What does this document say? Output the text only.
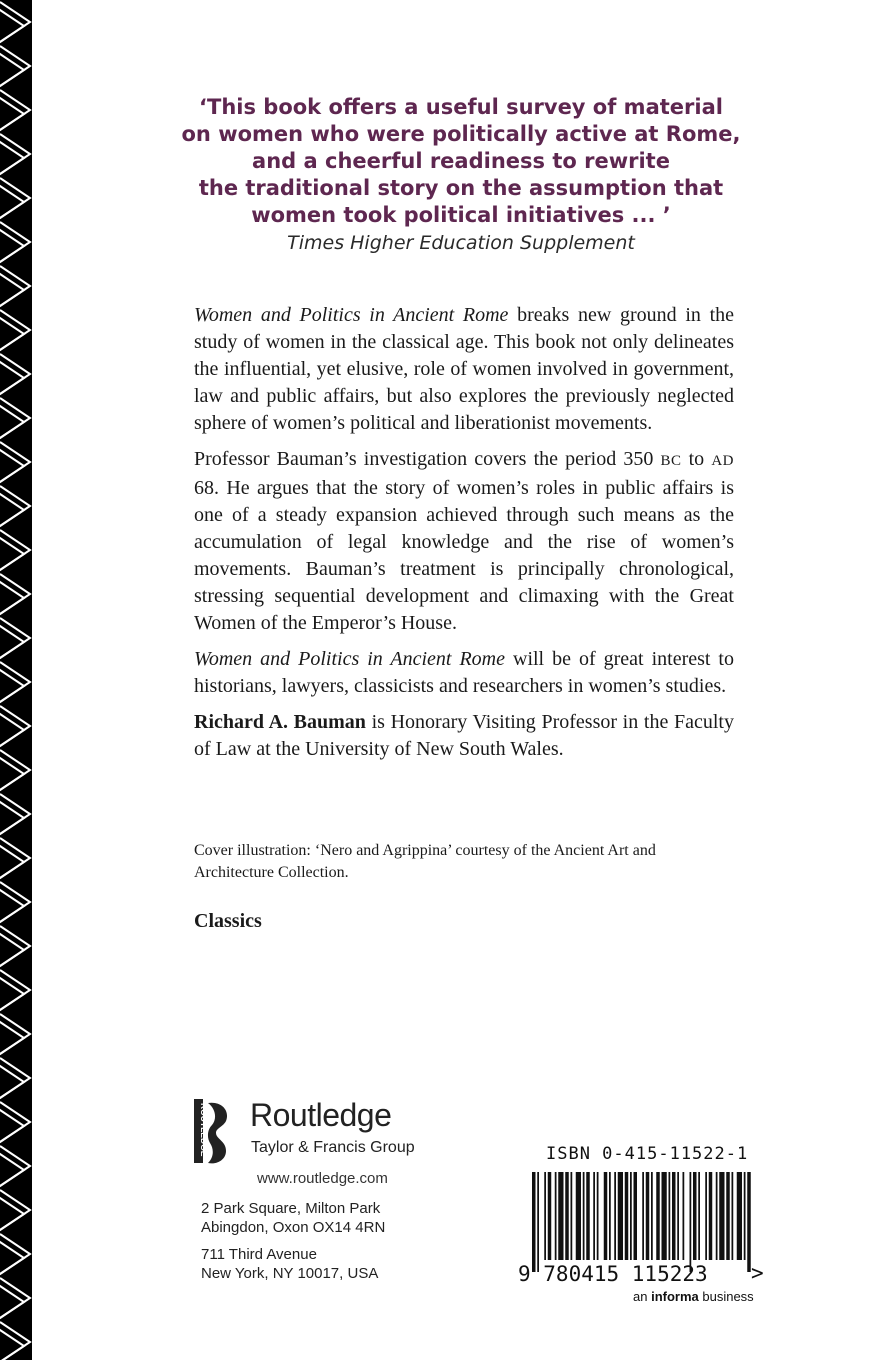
‘This book offers a useful survey of material
on women who were politically active at Rome,
and a cheerful readiness to rewrite
the traditional story on the assumption that
women took political initiatives ... ’
Times Higher Education Supplement

Women and Politics in Ancient Rome breaks new ground in the study of women in the classical age. This book not only delineates the influential, yet elusive, role of women involved in government, law and public affairs, but also explores the previously neglected sphere of women’s political and liberationist movements.

Professor Bauman’s investigation covers the period 350 BC to AD 68. He argues that the story of women’s roles in public affairs is one of a steady expansion achieved through such means as the accumulation of legal knowledge and the rise of women’s movements. Bauman’s treatment is principally chronological, stressing sequential development and climaxing with the Great Women of the Emperor’s House.

Women and Politics in Ancient Rome will be of great interest to historians, lawyers, classicists and researchers in women’s studies.

Richard A. Bauman is Honorary Visiting Professor in the Faculty of Law at the University of New South Wales.

Cover illustration: ‘Nero and Agrippina’ courtesy of the Ancient Art and Architecture Collection.
Classics
ROUTLEDGE Routledge
Taylor & Francis Group
www.routledge.com
2 Park Square, Milton Park
Abingdon, Oxon OX14 4RN
711 Third Avenue
New York, NY 10017, USA
ISBN 0-415-11522-1
9 780415 115223 >
an informa business
